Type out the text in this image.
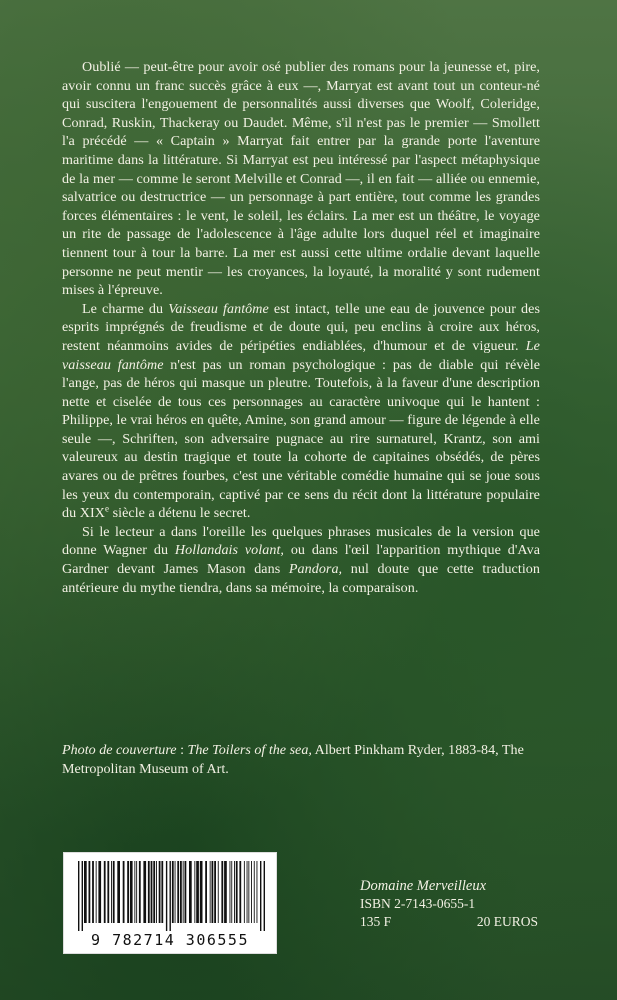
Oublié — peut-être pour avoir osé publier des romans pour la jeunesse et, pire, avoir connu un franc succès grâce à eux —, Marryat est avant tout un conteur-né qui suscitera l'engouement de personnalités aussi diverses que Woolf, Coleridge, Conrad, Ruskin, Thackeray ou Daudet. Même, s'il n'est pas le premier — Smollett l'a précédé — « Captain » Marryat fait entrer par la grande porte l'aventure maritime dans la littérature. Si Marryat est peu intéressé par l'aspect métaphysique de la mer — comme le seront Melville et Conrad —, il en fait — alliée ou ennemie, salvatrice ou destructrice — un personnage à part entière, tout comme les grandes forces élémentaires : le vent, le soleil, les éclairs. La mer est un théâtre, le voyage un rite de passage de l'adolescence à l'âge adulte lors duquel réel et imaginaire tiennent tour à tour la barre. La mer est aussi cette ultime ordalie devant laquelle personne ne peut mentir — les croyances, la loyauté, la moralité y sont rudement mises à l'épreuve.

Le charme du Vaisseau fantôme est intact, telle une eau de jouvence pour des esprits imprégnés de freudisme et de doute qui, peu enclins à croire aux héros, restent néanmoins avides de péripéties endiablées, d'humour et de vigueur. Le vaisseau fantôme n'est pas un roman psychologique : pas de diable qui révèle l'ange, pas de héros qui masque un pleutre. Toutefois, à la faveur d'une description nette et ciselée de tous ces personnages au caractère univoque qui le hantent : Philippe, le vrai héros en quête, Amine, son grand amour — figure de légende à elle seule —, Schriften, son adversaire pugnace au rire surnaturel, Krantz, son ami valeureux au destin tragique et toute la cohorte de capitaines obsédés, de pères avares ou de prêtres fourbes, c'est une véritable comédie humaine qui se joue sous les yeux du contemporain, captivé par ce sens du récit dont la littérature populaire du XIXe siècle a détenu le secret.

Si le lecteur a dans l'oreille les quelques phrases musicales de la version que donne Wagner du Hollandais volant, ou dans l'œil l'apparition mythique d'Ava Gardner devant James Mason dans Pandora, nul doute que cette traduction antérieure du mythe tiendra, dans sa mémoire, la comparaison.

Photo de couverture : The Toilers of the sea, Albert Pinkham Ryder, 1883-84, The Metropolitan Museum of Art.
9 782714 306555
Domaine Merveilleux
ISBN 2-7143-0655-1
135 F	20 EUROS
